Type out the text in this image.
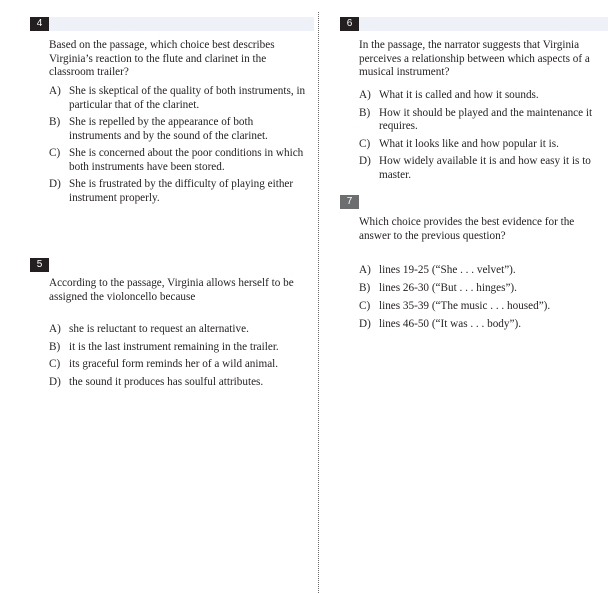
4

Based on the passage, which choice best describes Virginia’s reaction to the flute and clarinet in the classroom trailer?

A) She is skeptical of the quality of both instruments, in particular that of the clarinet.
B) She is repelled by the appearance of both instruments and by the sound of the clarinet.
C) She is concerned about the poor conditions in which both instruments have been stored.
D) She is frustrated by the difficulty of playing either instrument properly.
5

According to the passage, Virginia allows herself to be assigned the violoncello because

A) she is reluctant to request an alternative.
B) it is the last instrument remaining in the trailer.
C) its graceful form reminds her of a wild animal.
D) the sound it produces has soulful attributes.
6

In the passage, the narrator suggests that Virginia perceives a relationship between which aspects of a musical instrument?

A) What it is called and how it sounds.
B) How it should be played and the maintenance it requires.
C) What it looks like and how popular it is.
D) How widely available it is and how easy it is to master.
7

Which choice provides the best evidence for the answer to the previous question?

A) lines 19-25 (“She . . . velvet”).
B) lines 26-30 (“But . . . hinges”).
C) lines 35-39 (“The music . . . housed”).
D) lines 46-50 (“It was . . . body”).
